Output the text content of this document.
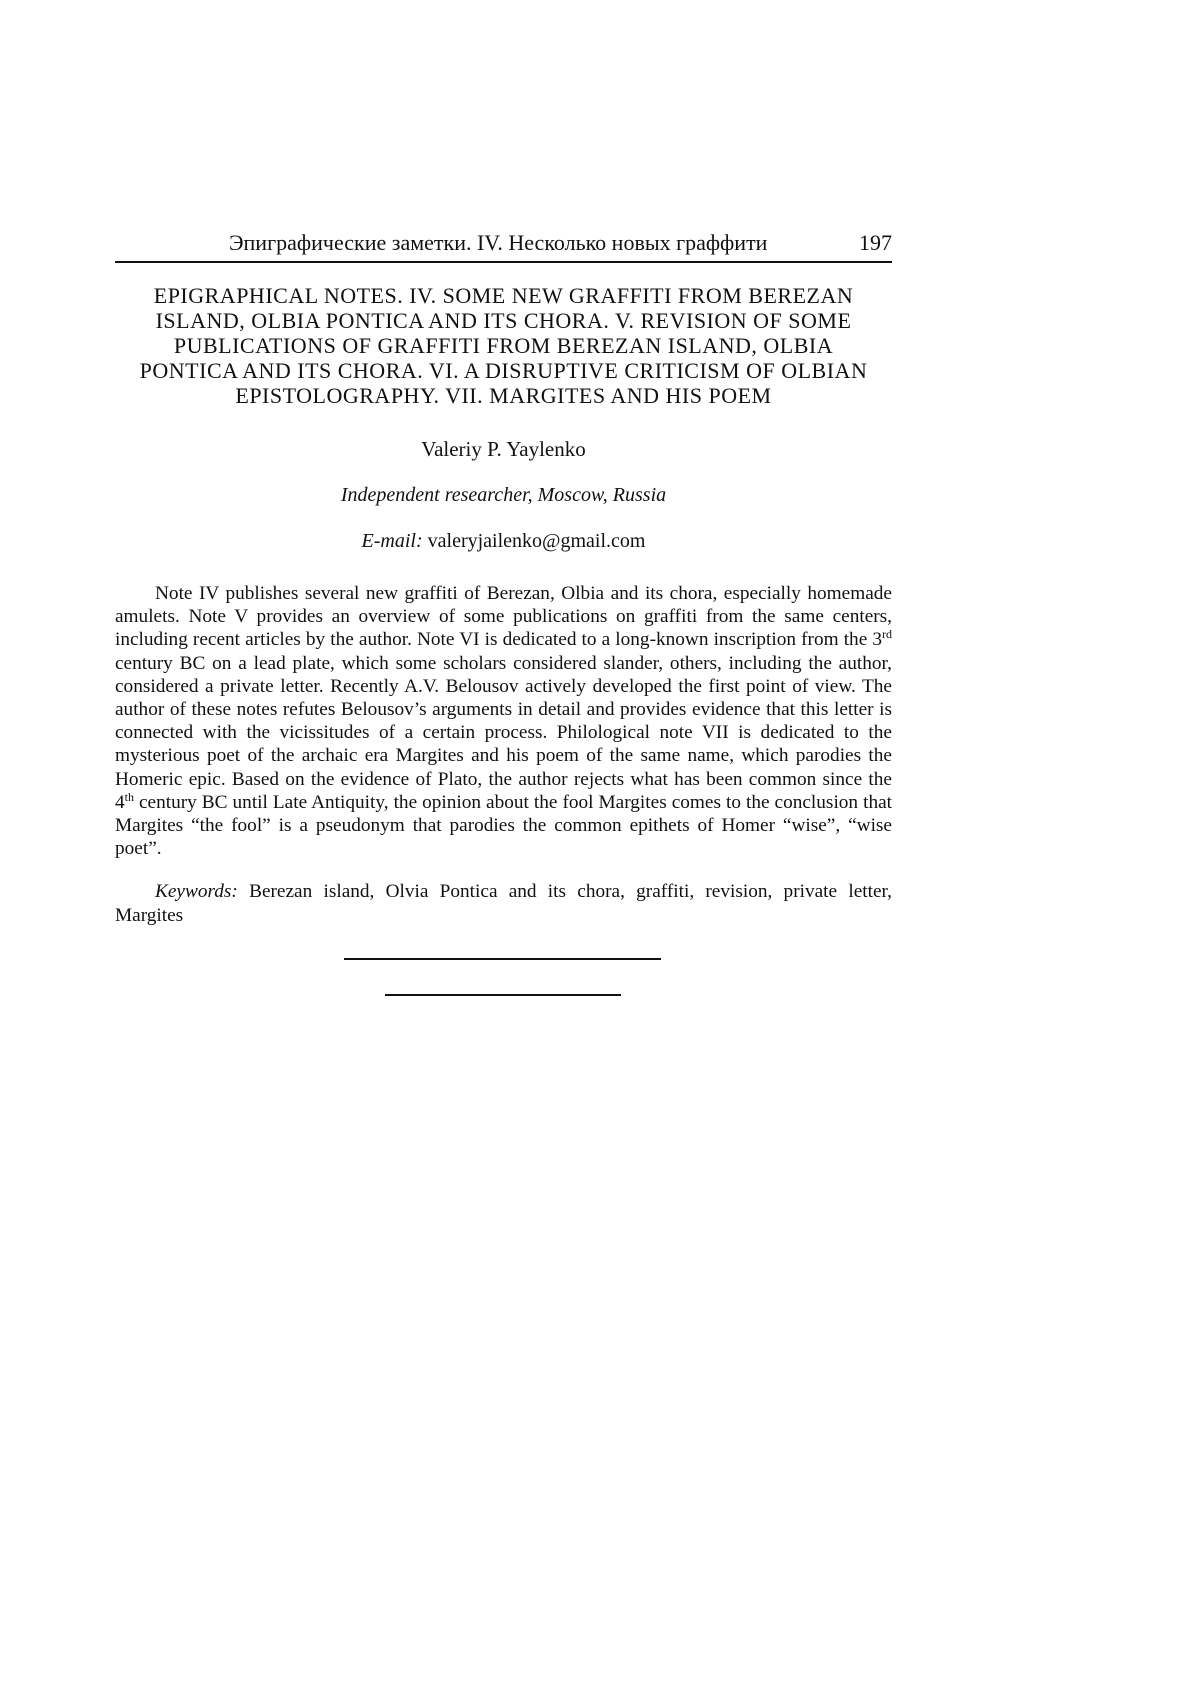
Эпиграфические заметки. IV. Несколько новых граффити	197
EPIGRAPHICAL NOTES. IV. SOME NEW GRAFFITI FROM BEREZAN
ISLAND, OLBIA PONTICA AND ITS CHORA. V. REVISION OF SOME
PUBLICATIONS OF GRAFFITI FROM BEREZAN ISLAND, OLBIA
PONTICA AND ITS CHORA. VI. A DISRUPTIVE CRITICISM OF OLBIAN
EPISTOLOGRAPHY. VII. MARGITES AND HIS POEM
Valeriy P. Yaylenko
Independent researcher, Moscow, Russia
E-mail: valeryjailenko@gmail.com

Note IV publishes several new graffiti of Berezan, Olbia and its chora, especially homemade amulets. Note V provides an overview of some publications on graffiti from the same centers, including recent articles by the author. Note VI is dedicated to a long-known inscription from the 3rd century BC on a lead plate, which some scholars considered slander, others, including the author, considered a private letter. Recently A.V. Belousov actively developed the first point of view. The author of these notes refutes Belousov’s arguments in detail and provides evidence that this letter is connected with the vicissitudes of a certain process. Philological note VII is dedicated to the mysterious poet of the archaic era Margites and his poem of the same name, which parodies the Homeric epic. Based on the evidence of Plato, the author rejects what has been common since the 4th century BC until Late Antiquity, the opinion about the fool Margites comes to the conclusion that Margites “the fool” is a pseudonym that parodies the common epithets of Homer “wise”, “wise poet”.

Keywords: Berezan island, Olvia Pontica and its chora, graffiti, revision, private letter, Margites
